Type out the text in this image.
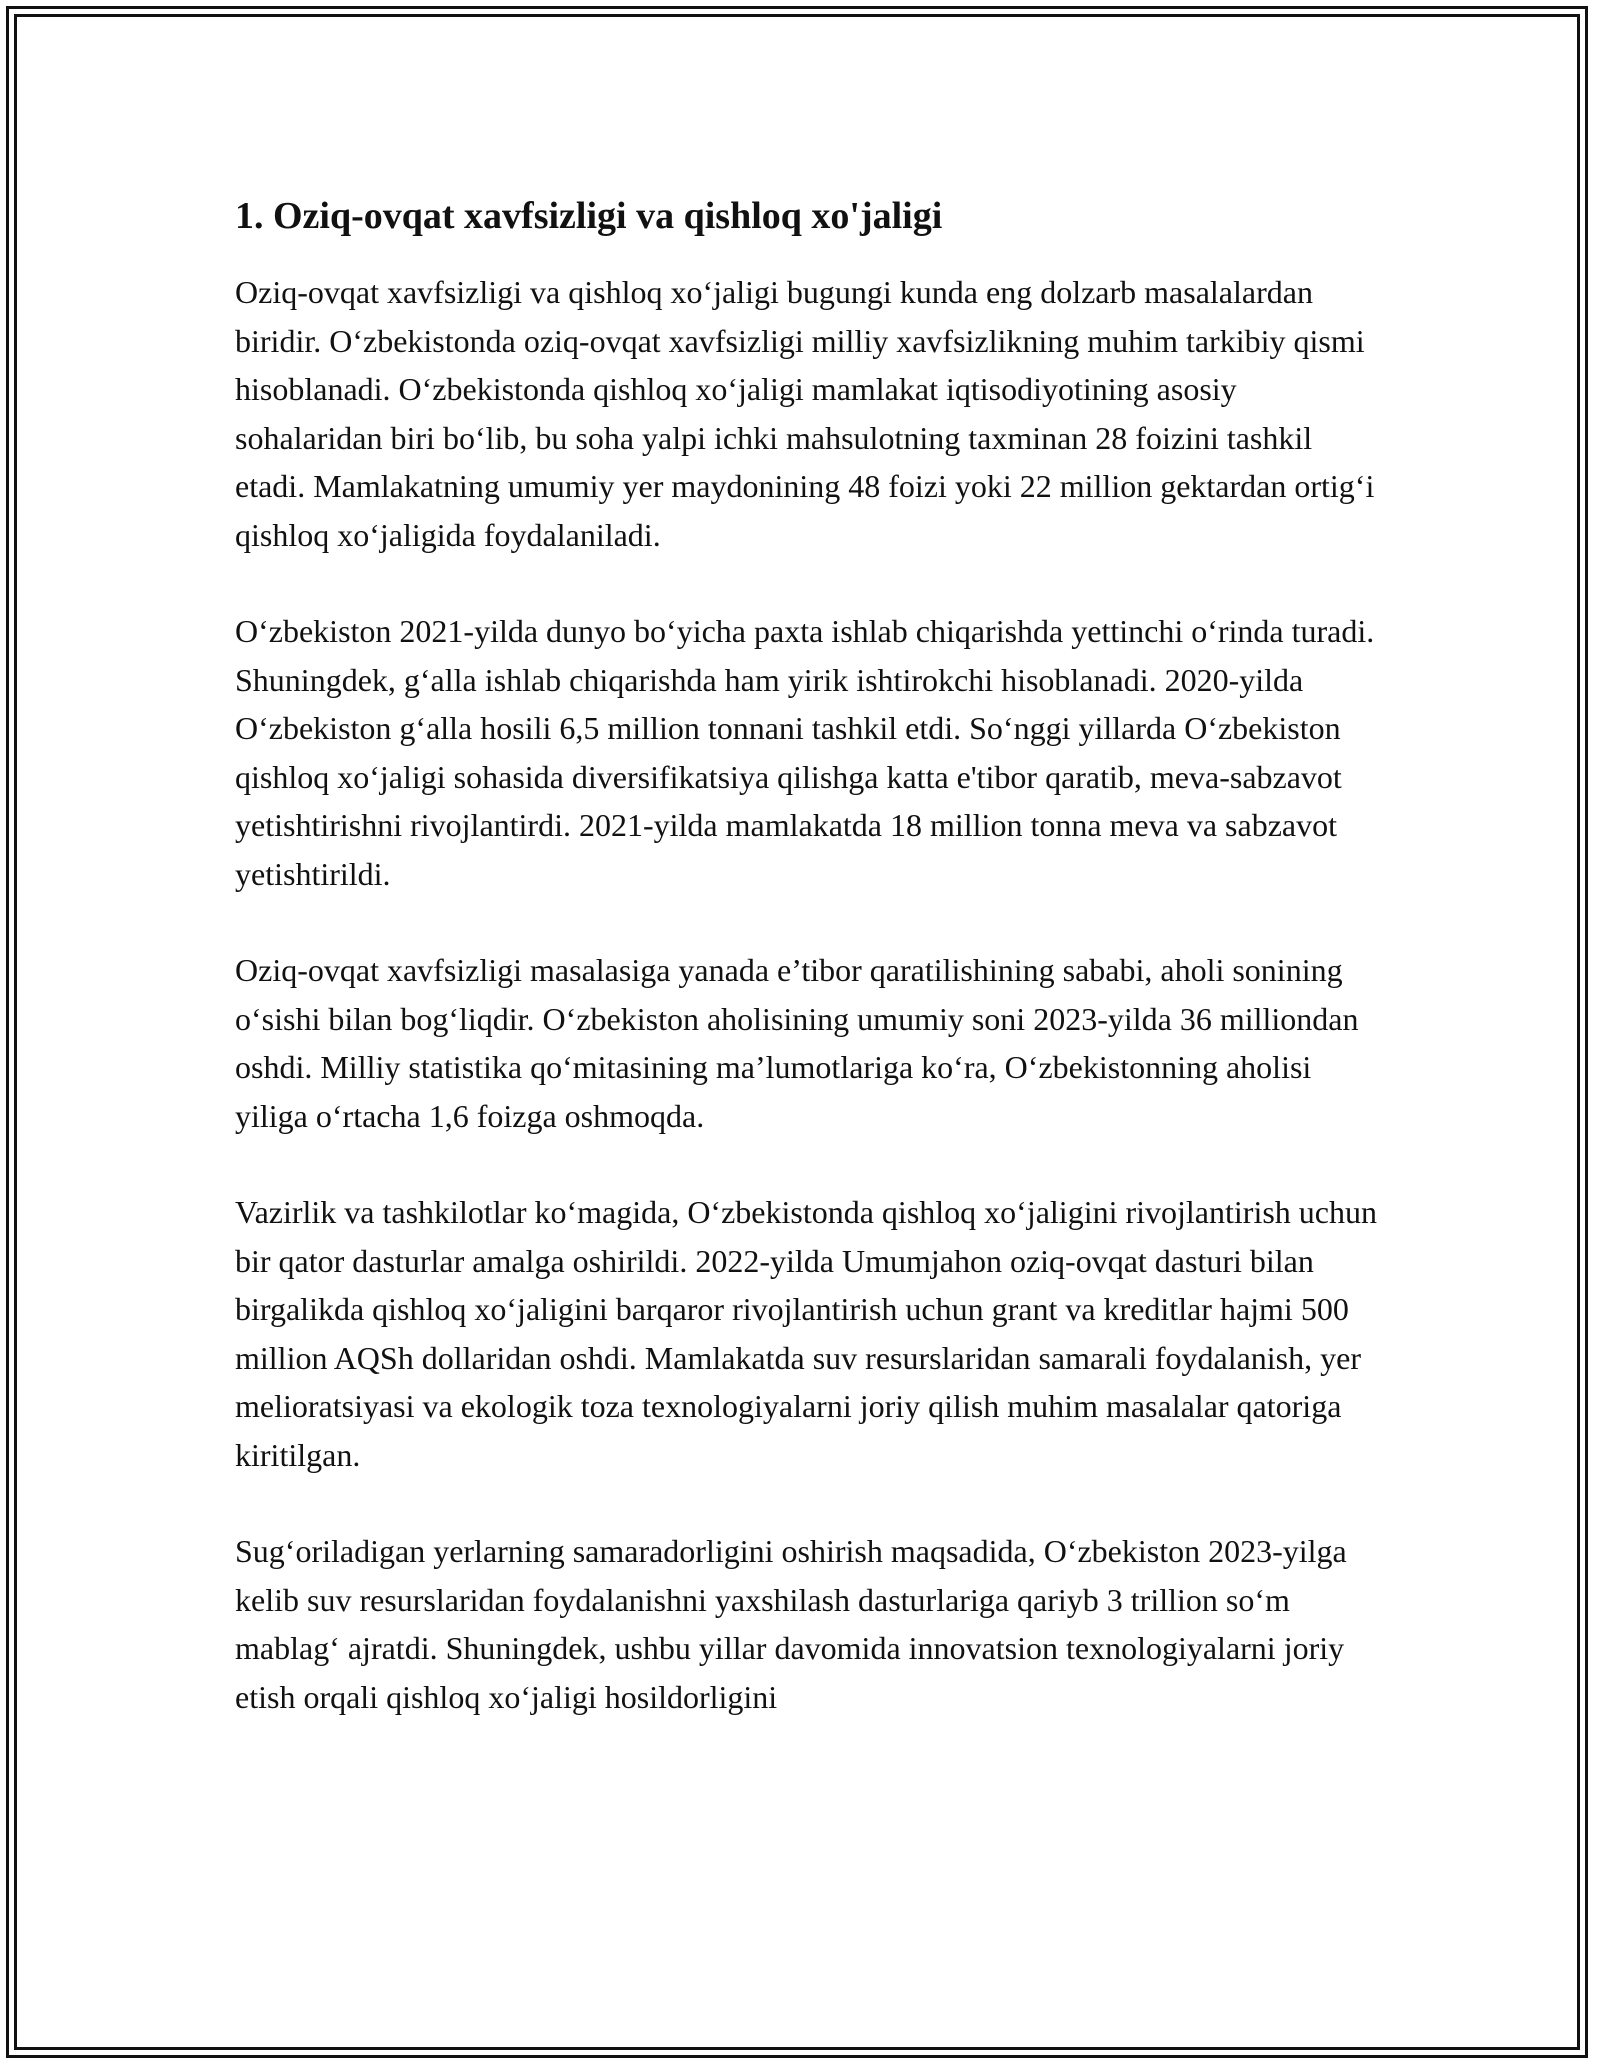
1. Oziq-ovqat xavfsizligi va qishloq xo'jaligi

Oziq-ovqat xavfsizligi va qishloq xoʻjaligi bugungi kunda eng dolzarb masalalardan biridir. Oʻzbekistonda oziq-ovqat xavfsizligi milliy xavfsizlikning muhim tarkibiy qismi hisoblanadi. Oʻzbekistonda qishloq xoʻjaligi mamlakat iqtisodiyotining asosiy sohalaridan biri boʻlib, bu soha yalpi ichki mahsulotning taxminan 28 foizini tashkil etadi. Mamlakatning umumiy yer maydonining 48 foizi yoki 22 million gektardan ortigʻi qishloq xoʻjaligida foydalaniladi.

Oʻzbekiston 2021-yilda dunyo boʻyicha paxta ishlab chiqarishda yettinchi oʻrinda turadi. Shuningdek, gʻalla ishlab chiqarishda ham yirik ishtirokchi hisoblanadi. 2020-yilda Oʻzbekiston gʻalla hosili 6,5 million tonnani tashkil etdi. Soʻnggi yillarda Oʻzbekiston qishloq xoʻjaligi sohasida diversifikatsiya qilishga katta e'tibor qaratib, meva-sabzavot yetishtirishni rivojlantirdi. 2021-yilda mamlakatda 18 million tonna meva va sabzavot yetishtirildi.

Oziq-ovqat xavfsizligi masalasiga yanada e’tibor qaratilishining sababi, aholi sonining oʻsishi bilan bogʻliqdir. Oʻzbekiston aholisining umumiy soni 2023-yilda 36 milliondan oshdi. Milliy statistika qoʻmitasining ma’lumotlariga koʻra, Oʻzbekistonning aholisi yiliga oʻrtacha 1,6 foizga oshmoqda.

Vazirlik va tashkilotlar koʻmagida, Oʻzbekistonda qishloq xoʻjaligini rivojlantirish uchun bir qator dasturlar amalga oshirildi. 2022-yilda Umumjahon oziq-ovqat dasturi bilan birgalikda qishloq xoʻjaligini barqaror rivojlantirish uchun grant va kreditlar hajmi 500 million AQSh dollaridan oshdi. Mamlakatda suv resurslaridan samarali foydalanish, yer melioratsiyasi va ekologik toza texnologiyalarni joriy qilish muhim masalalar qatoriga kiritilgan.

Sugʻoriladigan yerlarning samaradorligini oshirish maqsadida, Oʻzbekiston 2023-yilga kelib suv resurslaridan foydalanishni yaxshilash dasturlariga qariyb 3 trillion soʻm mablagʻ ajratdi. Shuningdek, ushbu yillar davomida innovatsion texnologiyalarni joriy etish orqali qishloq xoʻjaligi hosildorligini
